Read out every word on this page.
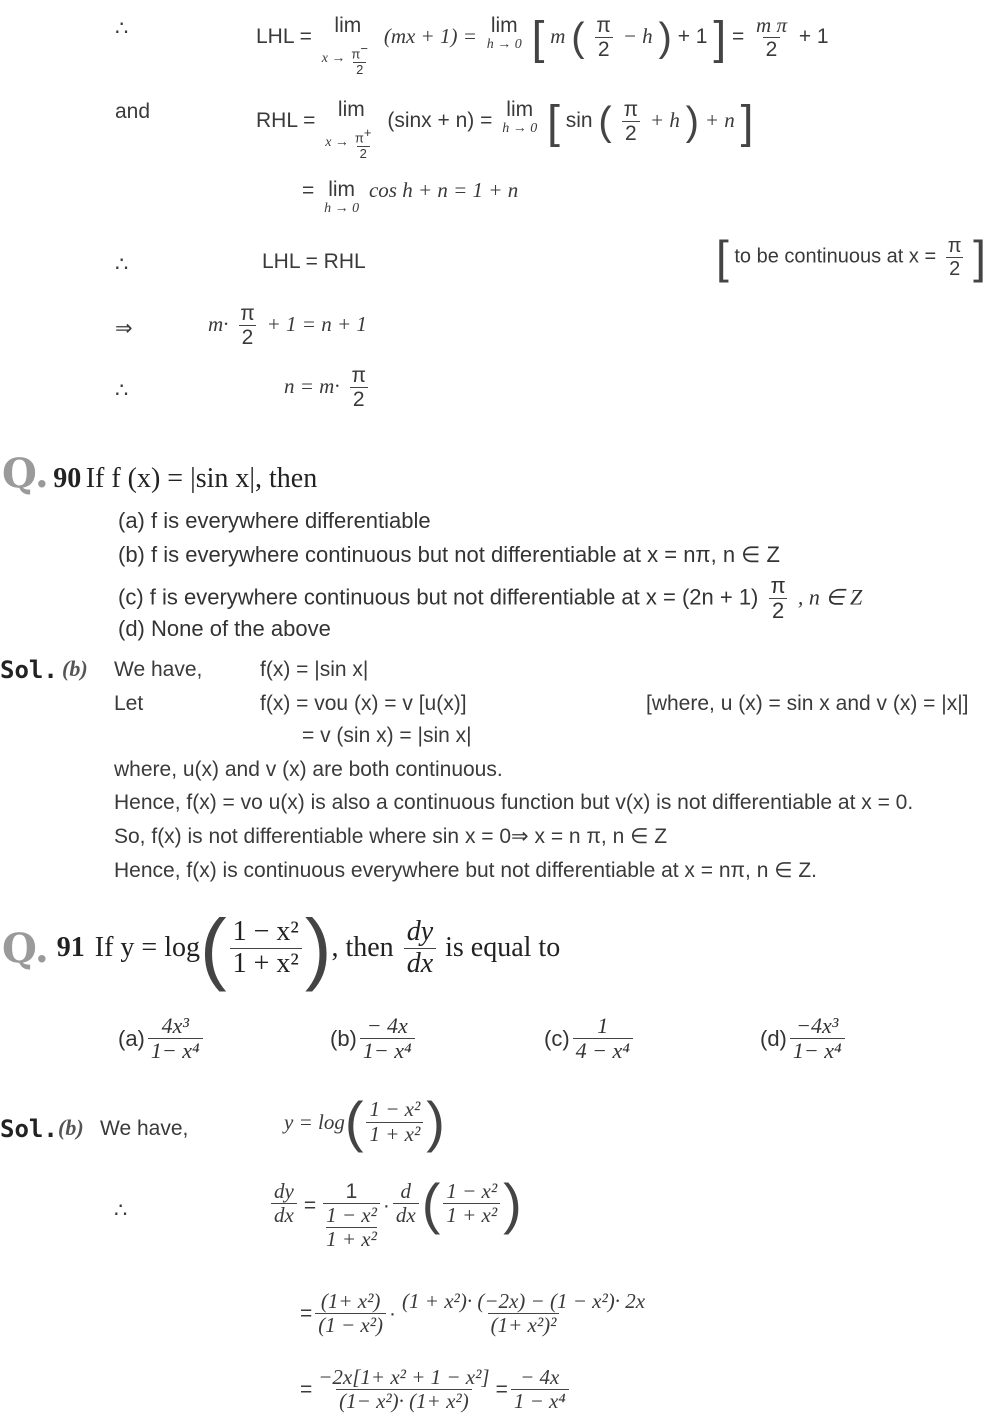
∴	LHL = lim
$x \to \frac{\pi^-}{2}$
(mx + 1) = lim
h → 0 [ m ( $\frac{\pi}{2} - h$ ) + 1 ] = $\frac{\text{m π}}{2} + 1$
and	RHL = lim
$x \to \frac{\pi^+}{2}$
(sinx + n) = lim
h → 0 [ sin ( $\frac{\pi}{2} + h$ ) + n ]
= lim
h → 0
cos h + n = 1 + n
∴	LHL = RHL	[ to be continuous at $x = \frac{\pi}{2}$ ]
⇒	$m\cdot \frac{\pi}{2} + 1 = n + 1$
∴	$n = m\cdot \frac{\pi}{2}$
Q. 90 If f (x) = |sin x|, then
(a) f is everywhere differentiable
(b) f is everywhere continuous but not differentiable at x = nπ, n ∈ Z
(c) f is everywhere continuous but not differentiable at $x = (2n + 1) \frac{\pi}{2}$ , n ∈ Z
(d) None of the above
Sol. (b) We have,	f(x) = |sin x|
Let	f(x) = vou (x) = v [u(x)]	[where, u (x) = sin x and v (x) = |x|]
= v (sin x) = |sin x|
where, u(x) and v (x) are both continuous.
Hence, f(x) = vo u(x) is also a continuous function but v(x) is not differentiable at x = 0.
So, f(x) is not differentiable where sin x = 0⇒ x = n π, n ∈ Z
Hence, f(x) is continuous everywhere but not differentiable at x = nπ, n ∈ Z.
Q. 91 If y = log ( $\frac{\text{1 − x²}}{\text{1 + x²}}$ ) , then $\frac{dy}{dx}$ is equal to
$(a) \frac{\text{4x³}}{\text{1− x⁴}}$	$(b) \frac{- 4x}{\text{1− x⁴}}$	$(c) \frac{1}{\text{4 − x⁴}}$	$(d) \frac{\text{−4x³}}{\text{1− x⁴}}$
Sol. (b) We have,	y = log ( $\frac{\text{1 − x²}}{\text{1 + x²}}$ )
∴	$\frac{dy}{dx} = \frac{1}{\frac{\text{1 − x²}}{\text{1 + x²}}} \cdot \frac{d}{dx}$ ( $\frac{\text{1 − x²}}{\text{1 + x²}}$ )
= $\frac{\text{(1+ x²)}}{\text{(1 − x²)}} \cdot \frac{\text{(1 + x²)· (−2x) − (1 − x²)· 2x}}{\text{(1+ x²)²}}$
= $\frac{\text{−2x[1+ x² + 1 − x²]}}{\text{(1− x²)· (1+ x²)}} = \frac{- 4x}{\text{1 − x⁴}}$
